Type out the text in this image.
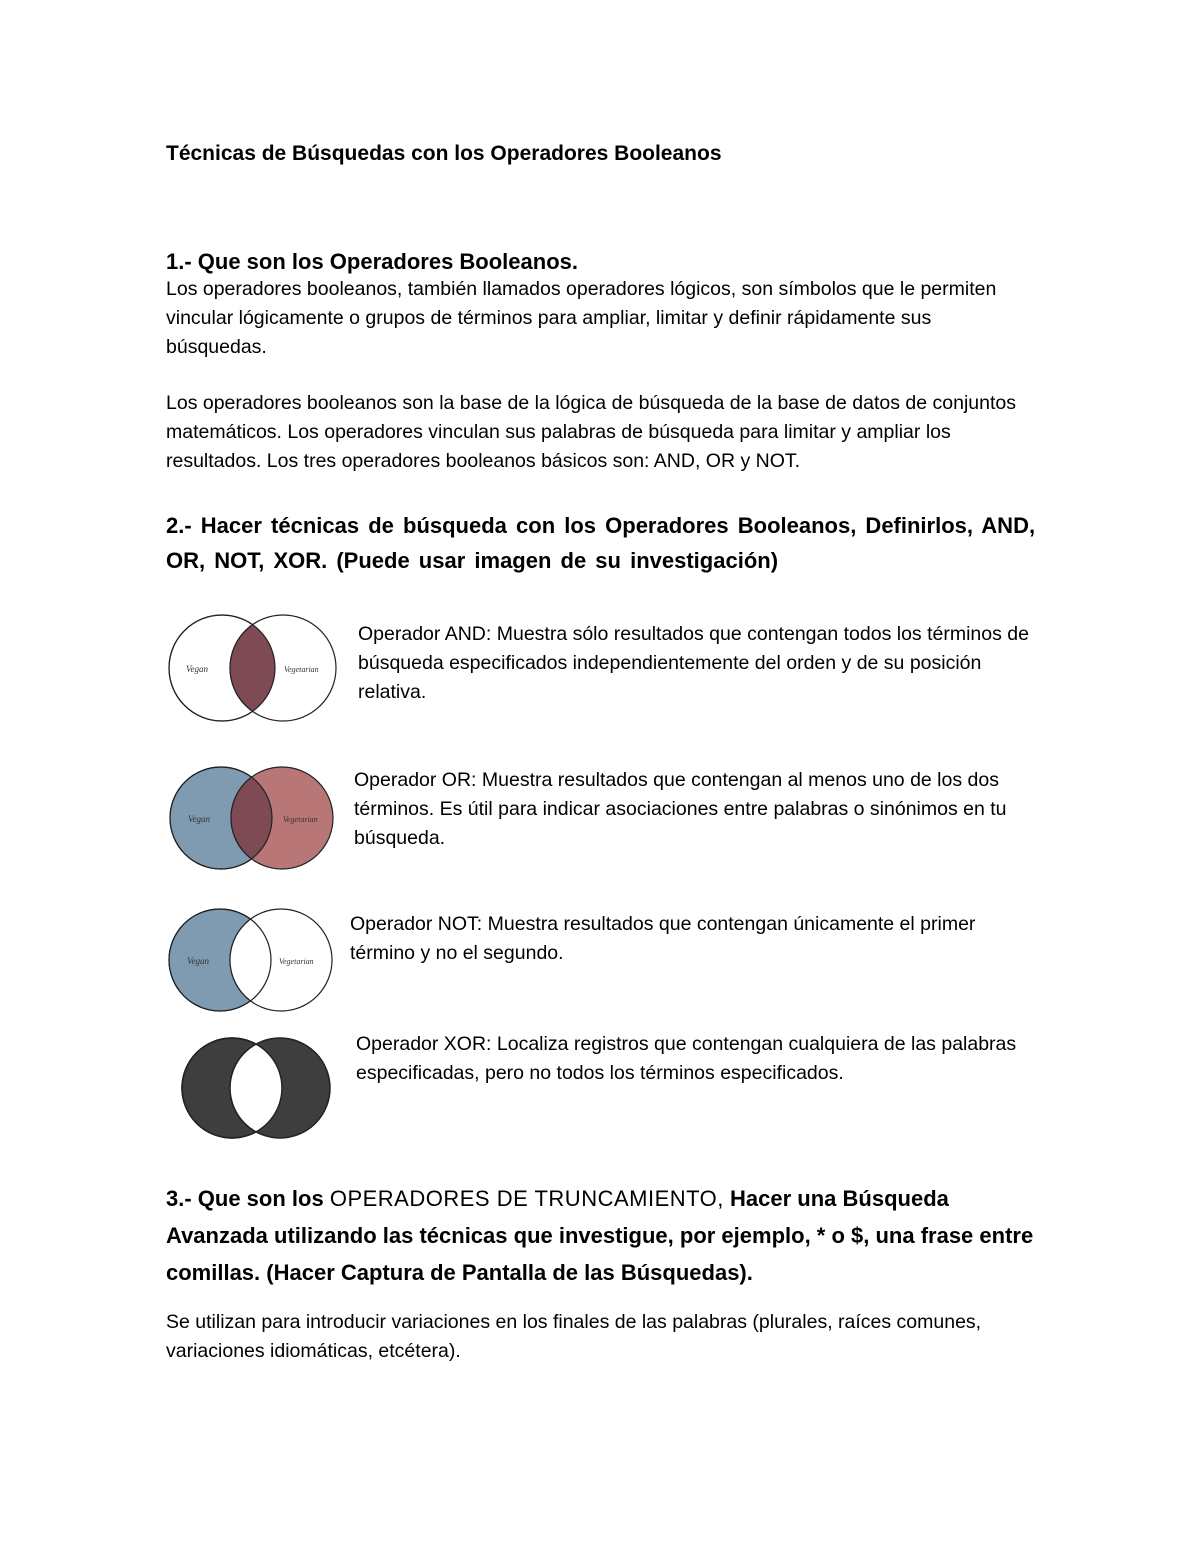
Técnicas de Búsquedas con los Operadores Booleanos
1.- Que son los Operadores Booleanos.
Los operadores booleanos, también llamados operadores lógicos, son símbolos que le permiten vincular lógicamente o grupos de términos para ampliar, limitar y definir rápidamente sus búsquedas.
Los operadores booleanos son la base de la lógica de búsqueda de la base de datos de conjuntos matemáticos. Los operadores vinculan sus palabras de búsqueda para limitar y ampliar los resultados. Los tres operadores booleanos básicos son: AND, OR y NOT.
2.- Hacer técnicas de búsqueda con los Operadores Booleanos, Definirlos, AND, OR, NOT, XOR. (Puede usar imagen de su investigación)
Vegan	Vegetarian
Operador AND: Muestra sólo resultados que contengan todos los términos de búsqueda especificados independientemente del orden y de su posición relativa.
Vegan	Vegetarian
Operador OR: Muestra resultados que contengan al menos uno de los dos términos. Es útil para indicar asociaciones entre palabras o sinónimos en tu búsqueda.
Vegan	Vegetarian
Operador NOT: Muestra resultados que contengan únicamente el primer término y no el segundo.
Operador XOR: Localiza registros que contengan cualquiera de las palabras especificadas, pero no todos los términos especificados.
3.- Que son los OPERADORES DE TRUNCAMIENTO, Hacer una Búsqueda Avanzada utilizando las técnicas que investigue, por ejemplo, * o $, una frase entre comillas. (Hacer Captura de Pantalla de las Búsquedas).
Se utilizan para introducir variaciones en los finales de las palabras (plurales, raíces comunes, variaciones idiomáticas, etcétera).
